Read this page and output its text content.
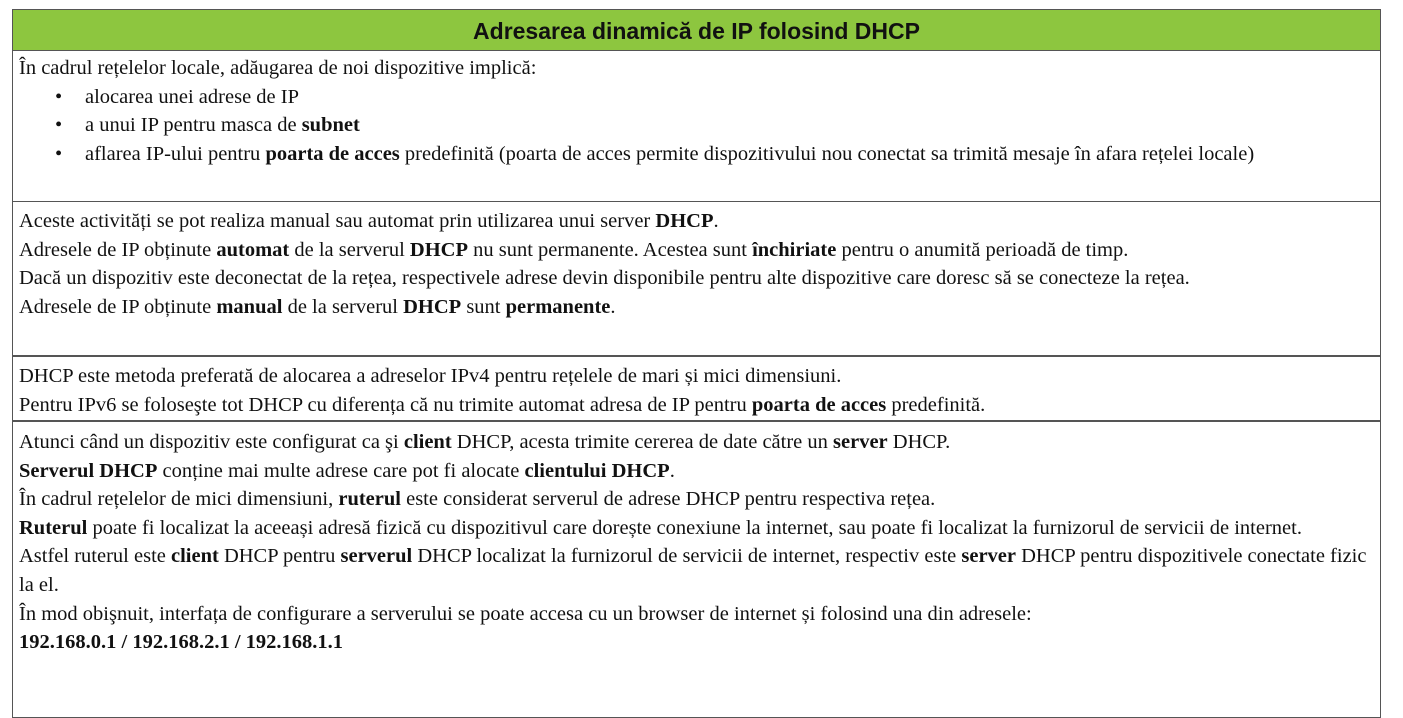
Adresarea dinamică de IP folosind DHCP
În cadrul rețelelor locale, adăugarea de noi dispozitive implică:
• alocarea unei adrese de IP
• a unui IP pentru masca de subnet
• aflarea IP-ului pentru poarta de acces predefinită (poarta de acces permite dispozitivului nou conectat sa trimită mesaje în afara rețelei locale)
Aceste activități se pot realiza manual sau automat prin utilizarea unui server DHCP.
Adresele de IP obținute automat de la serverul DHCP nu sunt permanente. Acestea sunt închiriate pentru o anumită perioadă de timp.
Dacă un dispozitiv este deconectat de la rețea, respectivele adrese devin disponibile pentru alte dispozitive care doresc să se conecteze la rețea.
Adresele de IP obținute manual de la serverul DHCP sunt permanente.
DHCP este metoda preferată de alocarea a adreselor IPv4 pentru rețelele de mari și mici dimensiuni.
Pentru IPv6 se foloseşte tot DHCP cu diferența că nu trimite automat adresa de IP pentru poarta de acces predefinită.
Atunci când un dispozitiv este configurat ca şi client DHCP, acesta trimite cererea de date către un server DHCP.
Serverul DHCP conține mai multe adrese care pot fi alocate clientului DHCP.
În cadrul rețelelor de mici dimensiuni, ruterul este considerat serverul de adrese DHCP pentru respectiva rețea.
Ruterul poate fi localizat la aceeași adresă fizică cu dispozitivul care dorește conexiune la internet, sau poate fi localizat la furnizorul de servicii de internet.
Astfel ruterul este client DHCP pentru serverul DHCP localizat la furnizorul de servicii de internet, respectiv este server DHCP pentru dispozitivele conectate fizic la el.
În mod obişnuit, interfața de configurare a serverului se poate accesa cu un browser de internet și folosind una din adresele:
192.168.0.1 / 192.168.2.1 / 192.168.1.1
